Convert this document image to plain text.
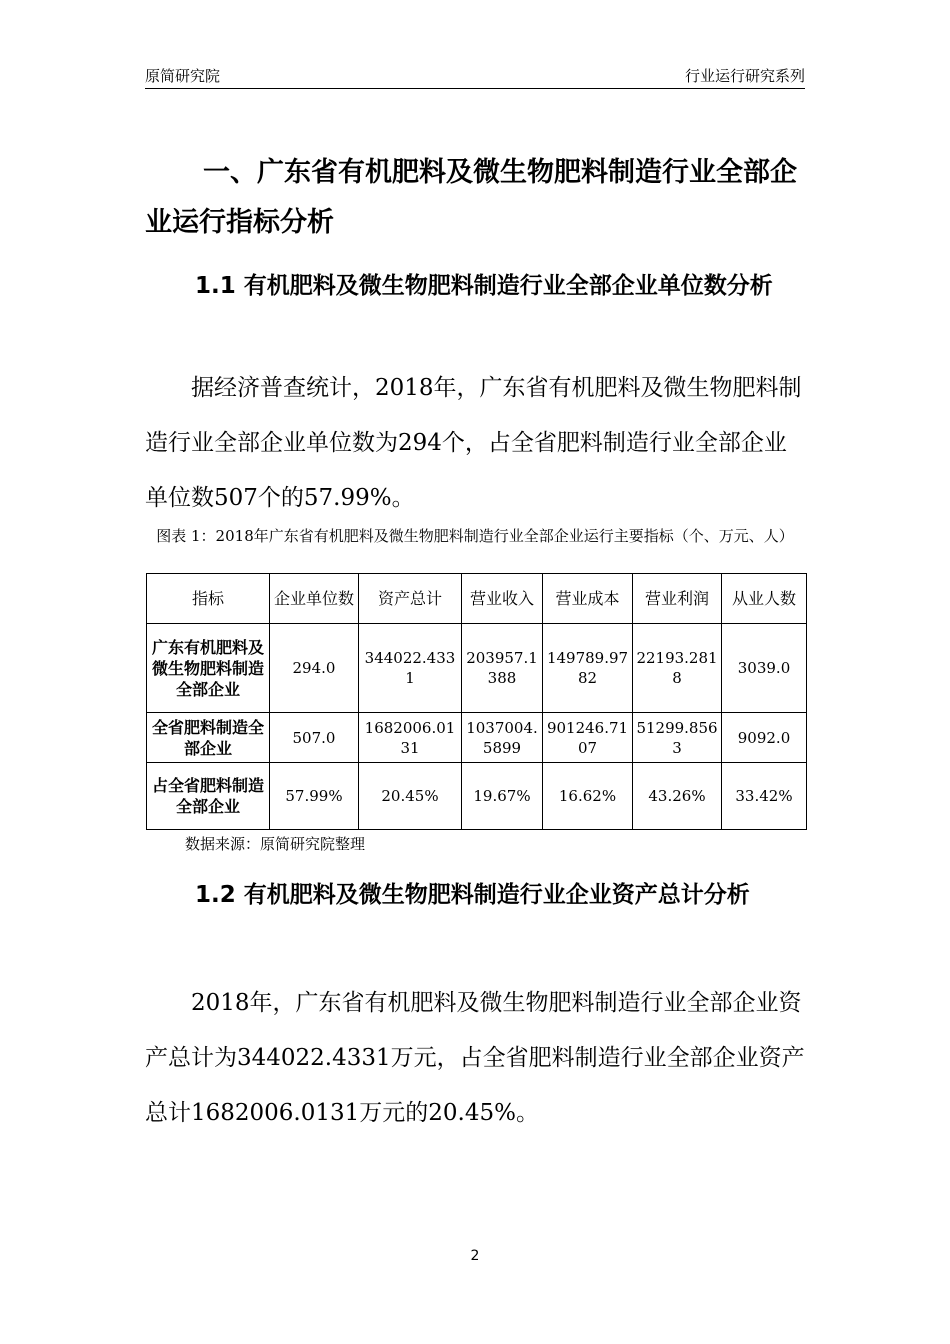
原简研究院	行业运行研究系列
一、广东省有机肥料及微生物肥料制造行业全部企业运行指标分析
1.1 有机肥料及微生物肥料制造行业全部企业单位数分析

据经济普查统计，2018年，广东省有机肥料及微生物肥料制造行业全部企业单位数为294个，占全省肥料制造行业全部企业单位数507个的57.99%。

图表 1：2018年广东省有机肥料及微生物肥料制造行业全部企业运行主要指标（个、万元、人）

指标	企业单位数	资产总计	营业收入	营业成本	营业利润	从业人数
广东有机肥料及微生物肥料制造全部企业	294.0	344022.4331	203957.1388	149789.9782	22193.2818	3039.0
全省肥料制造全部企业	507.0	1682006.0131	1037004.5899	901246.7107	51299.8563	9092.0
占全省肥料制造全部企业	57.99%	20.45%	19.67%	16.62%	43.26%	33.42%
数据来源：原简研究院整理
1.2 有机肥料及微生物肥料制造行业企业资产总计分析

2018年，广东省有机肥料及微生物肥料制造行业全部企业资产总计为344022.4331万元，占全省肥料制造行业全部企业资产总计1682006.0131万元的20.45%。

2
